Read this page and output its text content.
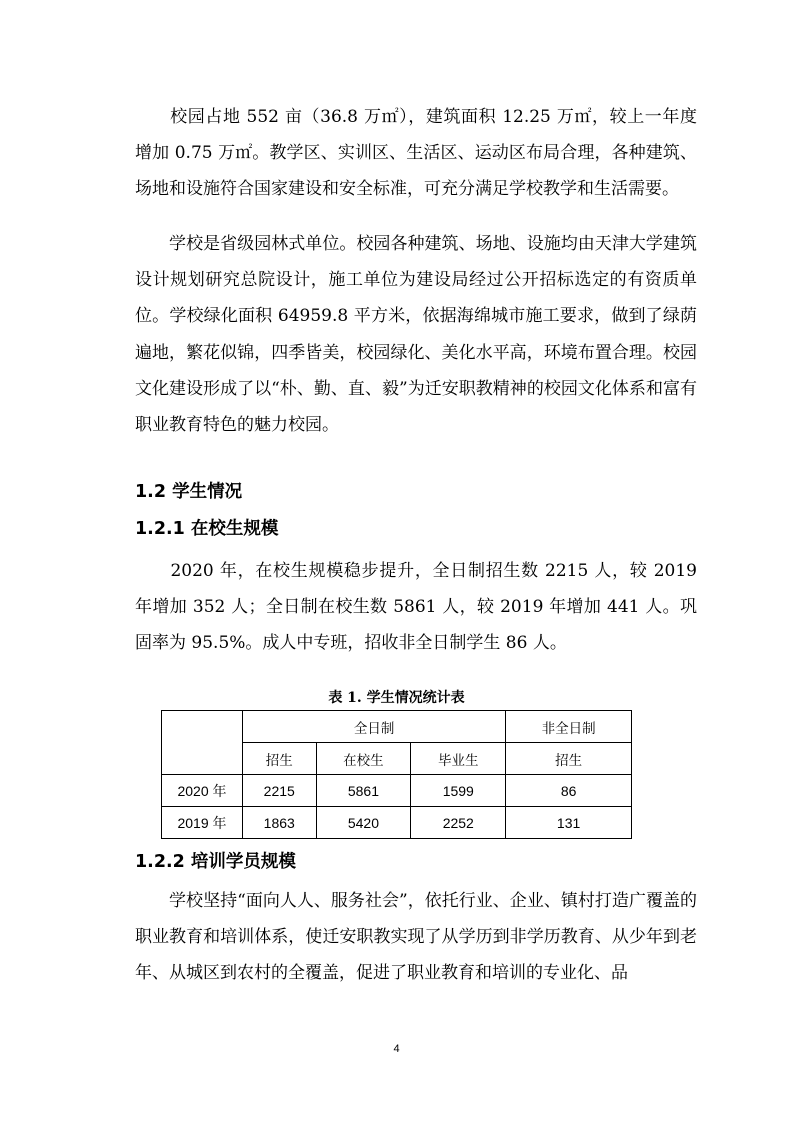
　　校园占地 552 亩（36.8 万㎡），建筑面积 12.25 万㎡，较上一年度增加 0.75 万㎡。教学区、实训区、生活区、运动区布局合理，各种建筑、场地和设施符合国家建设和安全标准，可充分满足学校教学和生活需要。

　　学校是省级园林式单位。校园各种建筑、场地、设施均由天津大学建筑设计规划研究总院设计，施工单位为建设局经过公开招标选定的有资质单位。学校绿化面积 64959.8 平方米，依据海绵城市施工要求，做到了绿荫遍地，繁花似锦，四季皆美，校园绿化、美化水平高，环境布置合理。校园文化建设形成了以“朴、勤、直、毅”为迁安职教精神的校园文化体系和富有职业教育特色的魅力校园。

1.2 学生情况
1.2.1 在校生规模

　　2020 年，在校生规模稳步提升，全日制招生数 2215 人，较 2019 年增加 352 人；全日制在校生数 5861 人，较 2019 年增加 441 人。巩固率为 95.5%。成人中专班，招收非全日制学生 86 人。

表 1. 学生情况统计表

	全日制			非全日制
	招生	在校生	毕业生	招生
2020 年	2215	5861	1599	86
2019 年	1863	5420	2252	131
1.2.2 培训学员规模

　　学校坚持“面向人人、服务社会”，依托行业、企业、镇村打造广覆盖的职业教育和培训体系，使迁安职教实现了从学历到非学历教育、从少年到老年、从城区到农村的全覆盖，促进了职业教育和培训的专业化、品

4
